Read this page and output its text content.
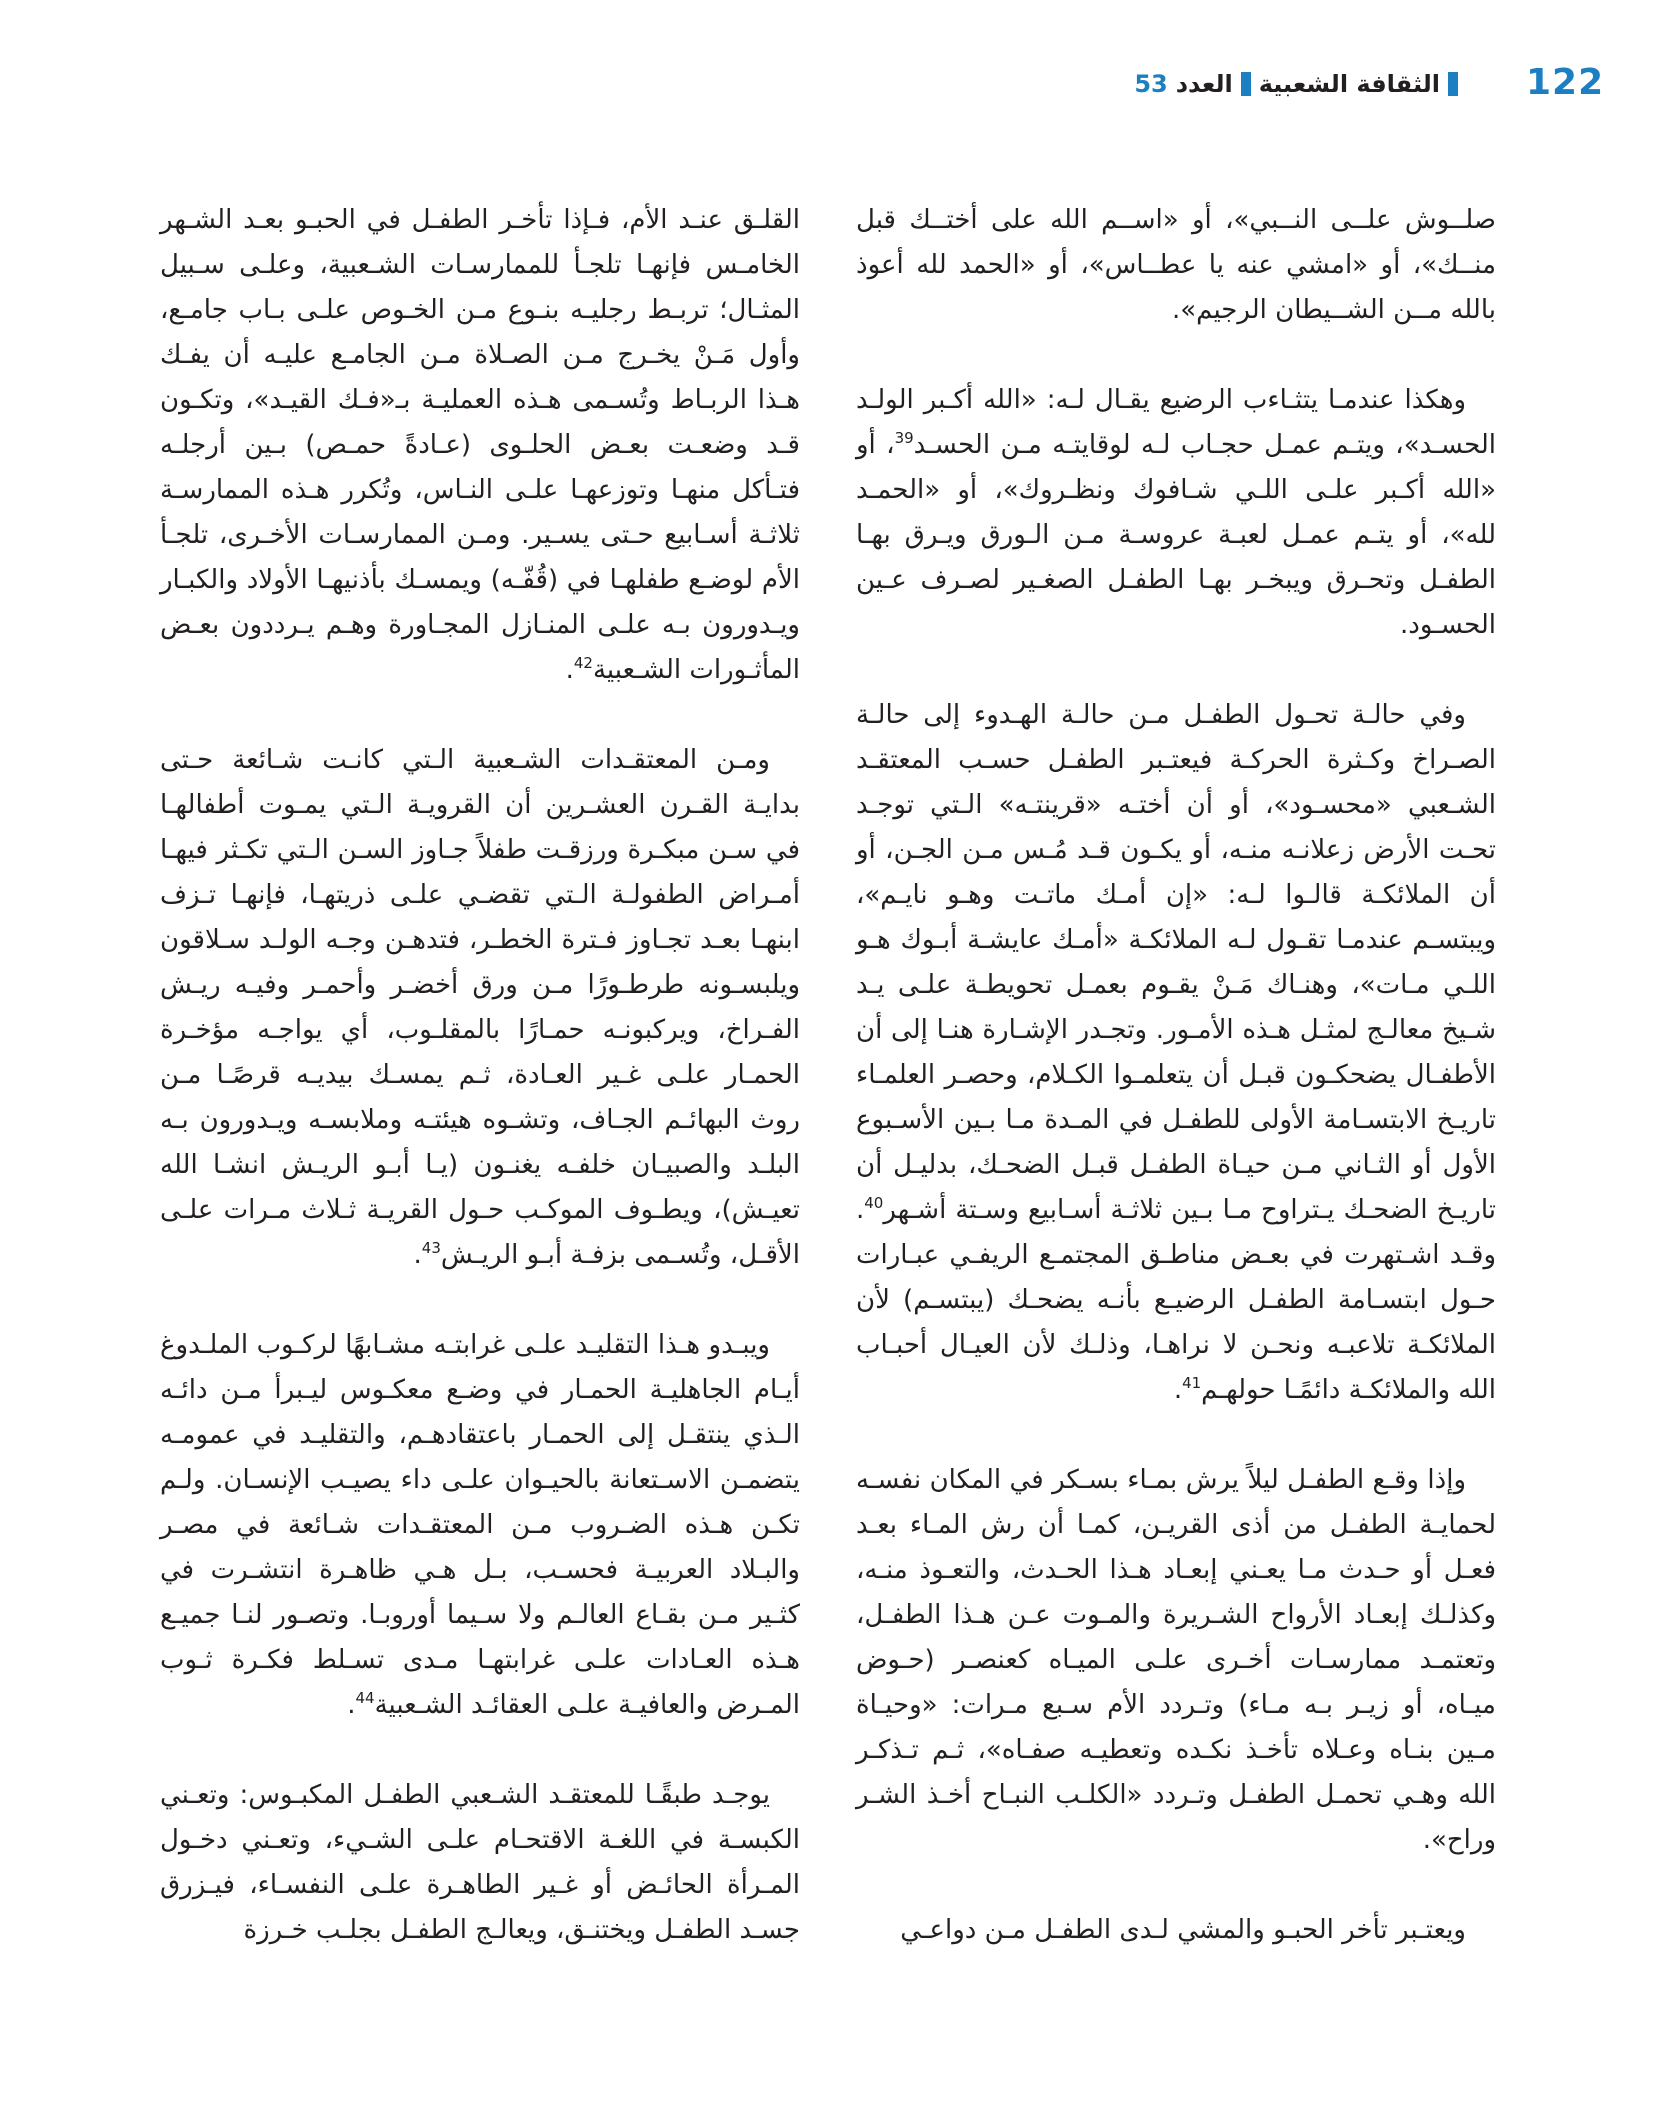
122
الثقافة الشعبية
العدد
53

صلــوش علــى النــبي»، أو «اســم الله على أختــك قبل منــك»، أو «امشي عنه يا عطــاس»، أو «الحمد لله أعوذ بالله مــن الشــيطان الرجيم».

وهكذا عندمـا يتثـاءب الرضيع يقـال لـه: «الله أكـبر الولـد الحسـد»، ويتـم عمـل حجـاب لـه لوقايتـه مـن الحسـد$^{39}$، أو «الله أكـبر علـى اللـي شـافوك ونظـروك»، أو «الحمـد لله»، أو يتـم عمـل لعبـة عروسـة مـن الـورق ويـرق بهـا الطفـل وتحـرق ويبخـر بهـا الطفـل الصغـير لصـرف عـين الحسـود.

وفي حالـة تحـول الطفـل مـن حالـة الهـدوء إلى حالـة الصـراخ وكـثرة الحركـة فيعتـبر الطفـل حسـب المعتقـد الشـعبي «محسـود»، أو أن أختـه «قرينتـه» الـتي توجـد تحـت الأرض زعلانـه منـه، أو يكـون قـد مُـس مـن الجـن، أو أن الملائكـة قالـوا لـه: «إن أمـك ماتـت وهـو نايـم»، ويبتسـم عندمـا تقـول لـه الملائكـة «أمـك عايشـة أبـوك هـو اللـي مـات»، وهنـاك مَـنْ يقـوم بعمـل تحويطـة علـى يـد شـيخ معالـج لمثـل هـذه الأمـور. وتجـدر الإشـارة هنـا إلى أن الأطفـال يضحكـون قبـل أن يتعلمـوا الكـلام، وحصـر العلمـاء تاريـخ الابتسـامة الأولى للطفـل في المـدة مـا بـين الأسـبوع الأول أو الثـاني مـن حيـاة الطفـل قبـل الضحـك، بدليـل أن تاريـخ الضحـك يـتراوح مـا بـين ثلاثـة أسـابيع وسـتة أشـهر$^{40}$. وقـد اشـتهرت في بعـض مناطـق المجتمـع الريفـي عبـارات حـول ابتسـامة الطفـل الرضيـع بأنـه يضحـك (يبتسـم) لأن الملائكـة تلاعبـه ونحـن لا نراهـا، وذلـك لأن العيـال أحبـاب الله والملائكـة دائمًـا حولهـم$^{41}$.

وإذا وقـع الطفـل ليلاً يرش بمـاء بسـكر في المكان نفسـه لحمايـة الطفـل من أذى القريـن، كمـا أن رش المـاء بعـد فعـل أو حـدث مـا يعـني إبعـاد هـذا الحـدث، والتعـوذ منـه، وكذلـك إبعـاد الأرواح الشـريرة والمـوت عـن هـذا الطفـل، وتعتمـد ممارسـات أخـرى علـى الميـاه كعنصـر (حـوض ميـاه، أو زيـر بـه مـاء) وتـردد الأم سـبع مـرات: «وحيـاة مـين بنـاه وعـلاه تأخـذ نكـده وتعطيـه صفـاه»، ثـم تـذكـر الله وهـي تحمـل الطفـل وتـردد «الكلـب النبـاح أخـذ الشـر وراح».

ويعتـبر تأخر الحبـو والمشي لـدى الطفـل مـن دواعـي

القلـق عنـد الأم، فـإذا تأخـر الطفـل في الحبـو بعـد الشـهر الخامـس فإنهـا تلجـأ للممارسـات الشـعبية، وعلـى سـبيل المثـال؛ تربـط رجليـه بنـوع مـن الخـوص علـى بـاب جامـع، وأول مَـنْ يخـرج مـن الصـلاة مـن الجامـع عليـه أن يفـك هـذا الربـاط وتُسـمى هـذه العمليـة بـ«فـك القيـد»، وتكـون قـد وضعـت بعـض الحلـوى (عـادةً حمـص) بـين أرجلـه فتـأكل منهـا وتوزعهـا علـى النـاس، وتُكرر هـذه الممارسـة ثلاثـة أسـابيع حـتى يسـير. ومـن الممارسـات الأخـرى، تلجـأ الأم لوضـع طفلهـا في (قُفّـه) ويمسـك بأذنيهـا الأولاد والكبـار ويـدورون بـه علـى المنـازل المجـاورة وهـم يـرددون بعـض المأثـورات الشـعبية$^{42}$.

ومـن المعتقـدات الشـعبية الـتي كانـت شـائعة حـتى بدايـة القـرن العشـرين أن القرويـة الـتي يمـوت أطفالهـا في سـن مبكـرة ورزقـت طفلاً جـاوز السـن الـتي تكـثر فيهـا أمـراض الطفولـة الـتي تقضـي علـى ذريتهـا، فإنهـا تـزف ابنهـا بعـد تجـاوز فـترة الخطـر، فتدهـن وجـه الولـد سـلاقون ويلبسـونه طرطـورًا مـن ورق أخضـر وأحمـر وفيـه ريـش الفـراخ، ويركبونـه حمـارًا بالمقلـوب، أي يواجـه مؤخـرة الحمـار علـى غـير العـادة، ثـم يمسـك بيديـه قرصًـا مـن روث البهائـم الجـاف، وتشـوه هيئتـه وملابسـه ويـدورون بـه البلـد والصبيـان خلفـه يغنـون (يـا أبـو الريـش انشـا الله تعيـش)، ويطـوف الموكـب حـول القريـة ثـلاث مـرات علـى الأقـل، وتُسـمى بزفـة أبـو الريـش$^{43}$.

ويبـدو هـذا التقليـد علـى غرابتـه مشـابهًا لركـوب الملـدوغ أيـام الجاهليـة الحمـار في وضـع معكـوس ليـبرأ مـن دائـه الـذي ينتقـل إلى الحمـار باعتقادهـم، والتقليـد في عمومـه يتضمـن الاسـتعانة بالحيـوان علـى داء يصيـب الإنسـان. ولـم تكـن هـذه الضـروب مـن المعتقـدات شـائعة في مصـر والبـلاد العربيـة فحسـب، بـل هـي ظاهـرة انتشـرت في كثـير مـن بقـاع العالـم ولا سـيما أوروبـا. وتصـور لنـا جميـع هـذه العـادات علـى غرابتهـا مـدى تسـلط فكـرة ثـوب المـرض والعافيـة علـى العقائـد الشـعبية$^{44}$.

يوجـد طبقًـا للمعتقـد الشـعبي الطفـل المكبـوس: وتعـني الكبسـة في اللغـة الاقتحـام علـى الشـيء، وتعـني دخـول المـرأة الحائـض أو غـير الطاهـرة علـى النفسـاء، فيـزرق جسـد الطفـل ويختنـق، ويعالـج الطفـل بجلـب خـرزة
